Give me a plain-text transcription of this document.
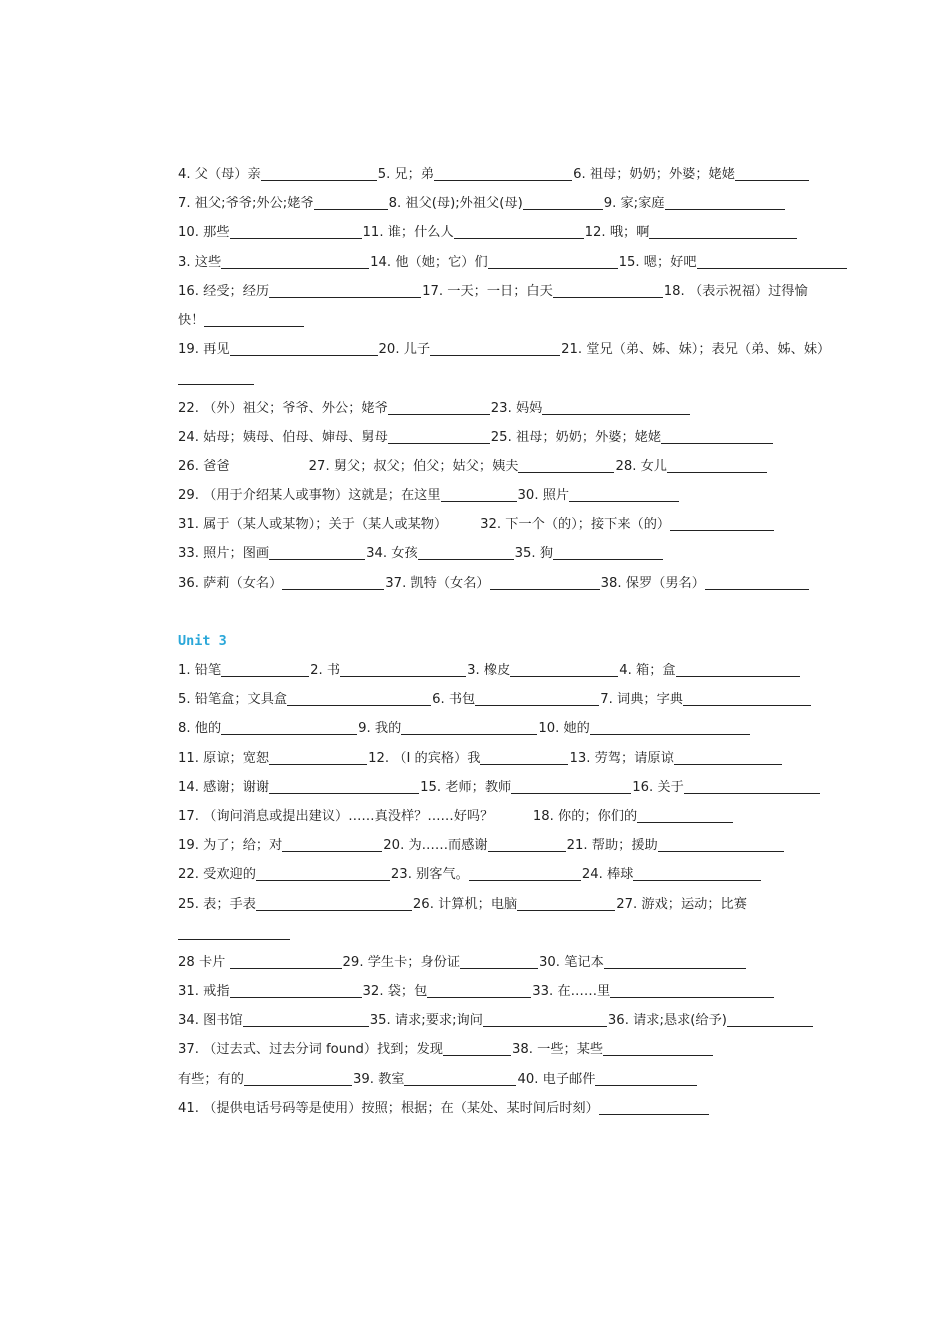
4. 父（母）亲	5. 兄；弟	6. 祖母；奶奶；外婆；姥姥
7. 祖父;爷爷;外公;姥爷	8. 祖父(母);外祖父(母)	9. 家;家庭
10. 那些	11. 谁；什么人	12. 哦；啊
3. 这些	14. 他（她；它）们	15. 嗯；好吧
16. 经受；经历	17. 一天；一日；白天	18. （表示祝福）过得愉
快！
19. 再见	20. 儿子	21. 堂兄（弟、姊、妹）；表兄（弟、姊、妹）
22. （外）祖父；爷爷、外公；姥爷	23. 妈妈
24. 姑母；姨母、伯母、婶母、舅母	25. 祖母；奶奶；外婆；姥姥
26. 爸爸　　　　　　27. 舅父；叔父；伯父；姑父；姨夫	28. 女儿
29. （用于介绍某人或事物）这就是；在这里	30. 照片
31. 属于（某人或某物）；关于（某人或某物）　　　32. 下一个（的）；接下来（的）
33. 照片；图画	34. 女孩	35. 狗
36. 萨莉（女名）	37. 凯特（女名）	38. 保罗（男名）
Unit 3
1. 铅笔	2. 书	3. 橡皮	4. 箱；盒
5. 铅笔盒；文具盒	6. 书包	7. 词典；字典
8. 他的	9. 我的	10. 她的
11. 原谅；宽恕	12. （I 的宾格）我	13. 劳驾；请原谅
14. 感谢；谢谢	15. 老师；教师	16. 关于
17. （询问消息或提出建议）……真没样？……好吗？　　　18. 你的；你们的
19. 为了；给；对	20. 为……而感谢	21. 帮助；援助
22. 受欢迎的	23. 别客气。	24. 棒球
25. 表；手表	26. 计算机；电脑	27. 游戏；运动；比赛
28 卡片	29. 学生卡；身份证	30. 笔记本
31. 戒指	32. 袋；包	33. 在……里
34. 图书馆	35. 请求;要求;询问	36. 请求;恳求(给予)
37. （过去式、过去分词 found）找到；发现	38. 一些；某些
有些；有的	39. 教室	40. 电子邮件
41. （提供电话号码等是使用）按照；根据；在（某处、某时间后时刻）
